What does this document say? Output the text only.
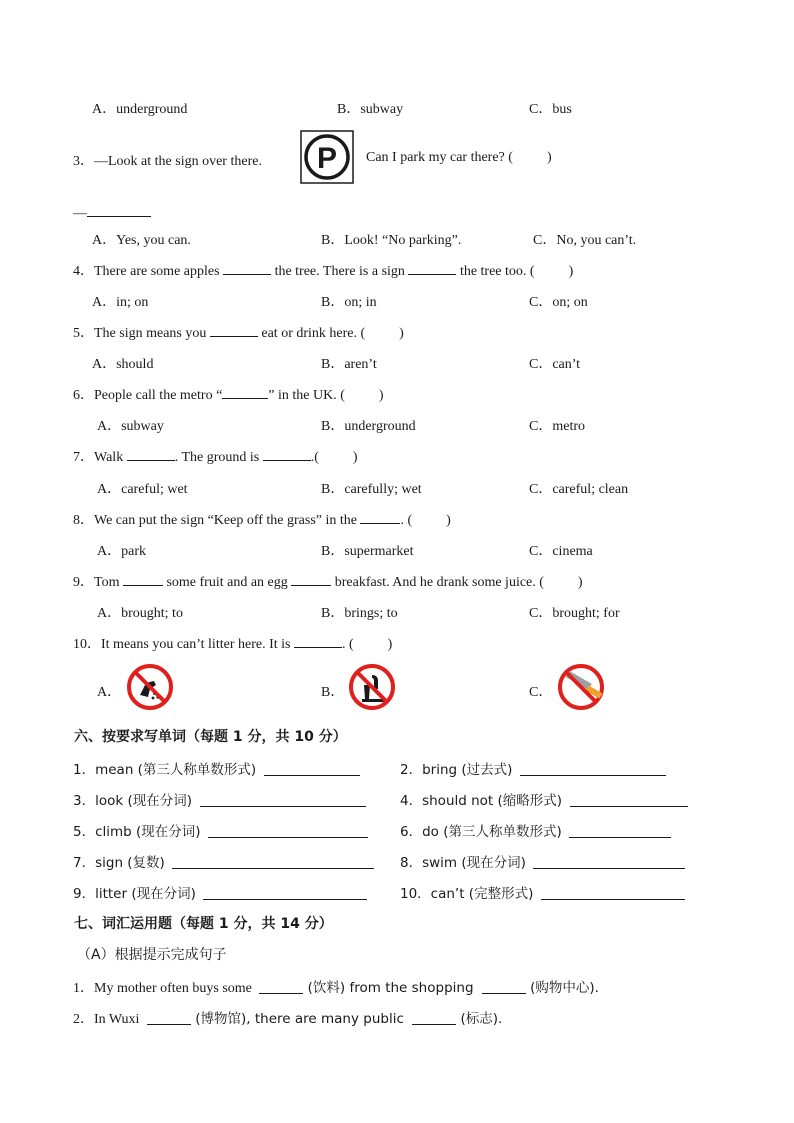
A．underground	B．subway	C．bus
3．—Look at the sign over there. P Can I park my car there? ( )
—
A．Yes, you can.	B．Look! “No parking”.	C．No, you can’t.
4．There are some apples	the tree. There is a sign	the tree too. ( )
A．in; on	B．on; in	C．on; on
5．The sign means you	eat or drink here. ( )
A．should	B．aren’t	C．can’t
6．People call the metro “	” in the UK. ( )
A．subway	B．underground	C．metro
7．Walk	. The ground is	.( )
A．careful; wet	B．carefully; wet	C．careful; clean
8．We can put the sign “Keep off the grass” in the	. ( )
A．park	B．supermarket	C．cinema
9．Tom	some fruit and an egg	breakfast. And he drank some juice. ( )
A．brought; to	B．brings; to	C．brought; for
10．It means you can’t litter here. It is	. ( )
A．	B．	C．
六、按要求写单词（每题 1 分，共 10 分）
1．mean (第三人称单数形式)	2．bring (过去式)
3．look (现在分词)	4．should not (缩略形式)
5．climb (现在分词)	6．do (第三人称单数形式)
7．sign (复数)	8．swim (现在分词)
9．litter (现在分词)	10．can’t (完整形式)
七、词汇运用题（每题 1 分，共 14 分）
（A）根据提示完成句子
1．My mother often buys some	(饮料) from the shopping	(购物中心).
2．In Wuxi	(博物馆), there are many public	(标志).
